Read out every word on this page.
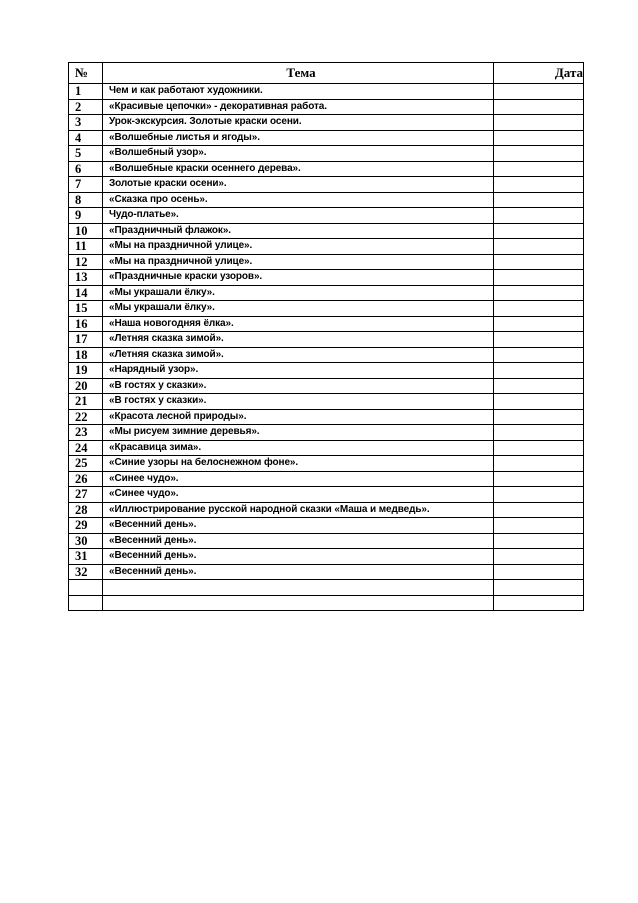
№	Тема	Дата
1	Чем и как работают художники.	
2	«Красивые цепочки» - декоративная работа.	
3	Урок-экскурсия. Золотые краски осени.	
4	«Волшебные листья и ягоды».	
5	«Волшебный узор».	
6	«Волшебные краски осеннего дерева».	
7	Золотые краски осени».	
8	«Сказка про осень».	
9	Чудо-платье».	
10	«Праздничный флажок».	
11	«Мы на праздничной улице».	
12	«Мы на праздничной улице».	
13	«Праздничные краски узоров».	
14	«Мы украшали ёлку».	
15	«Мы украшали ёлку».	
16	«Наша новогодняя ёлка».	
17	«Летняя сказка зимой».	
18	«Летняя сказка зимой».	
19	«Нарядный узор».	
20	«В гостях у сказки».	
21	«В гостях у сказки».	
22	«Красота лесной природы».	
23	«Мы рисуем зимние деревья».	
24	«Красавица зима».	
25	«Синие узоры на белоснежном фоне».	
26	«Синее чудо».	
27	«Синее чудо».	
28	«Иллюстрирование русской народной сказки «Маша и медведь».	
29	«Весенний день».	
30	«Весенний день».	
31	«Весенний день».	
32	«Весенний день».	
